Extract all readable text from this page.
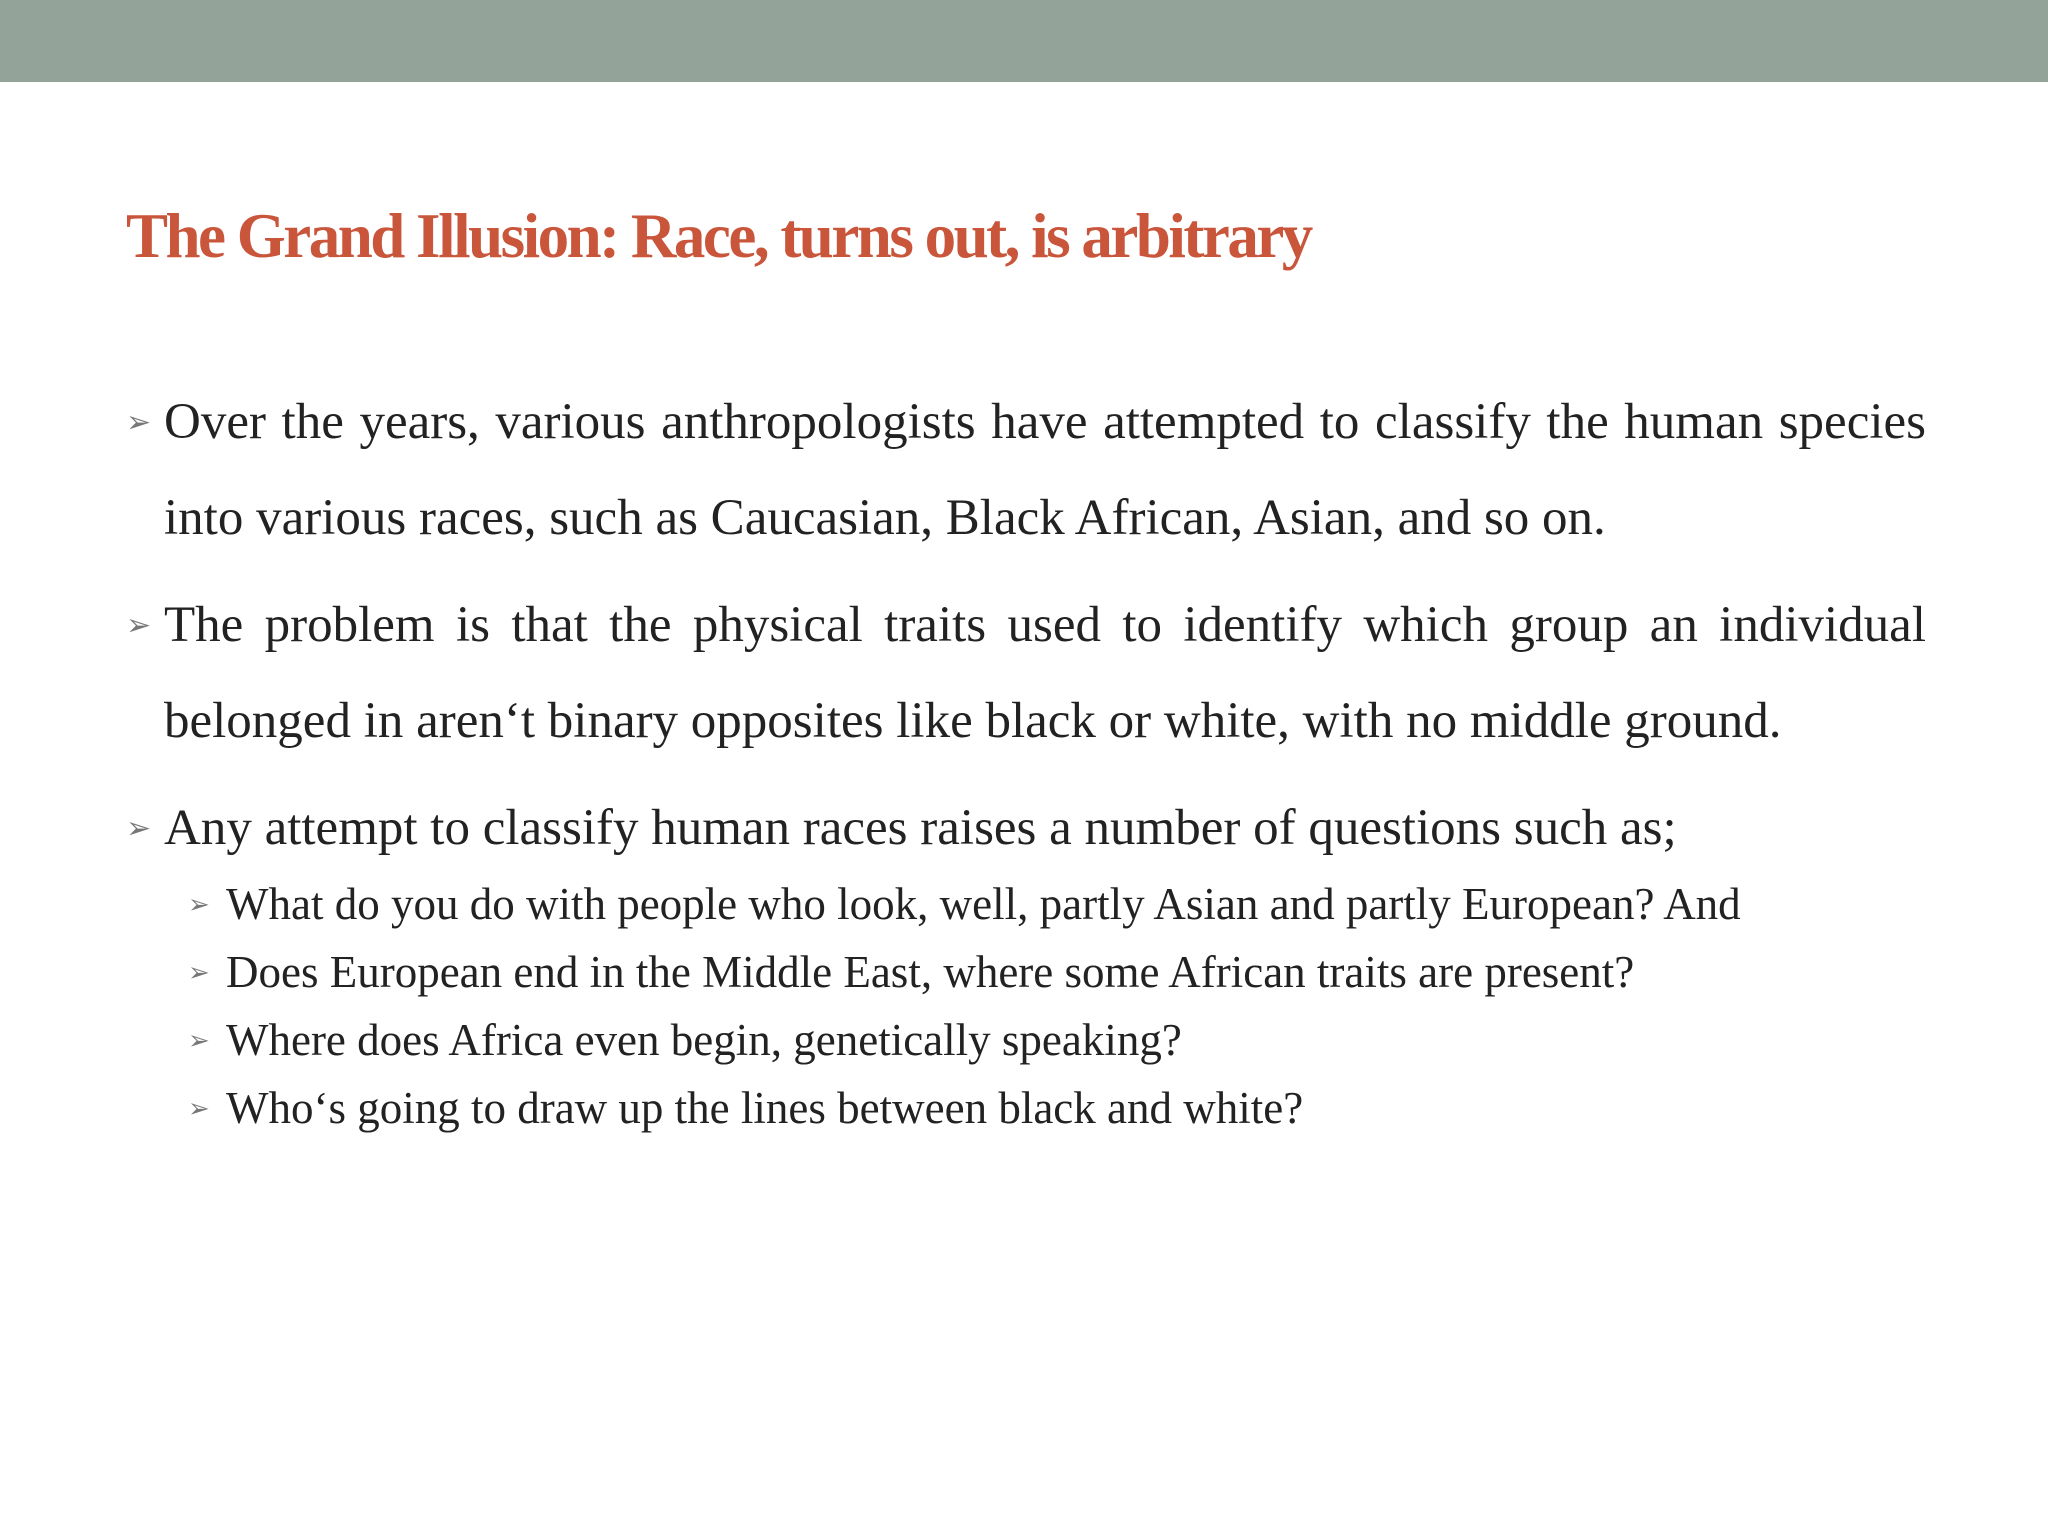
The Grand Illusion: Race, turns out, is arbitrary

➢ Over the years, various anthropologists have attempted to classify the human species into various races, such as Caucasian, Black African, Asian, and so on.

➢ The problem is that the physical traits used to identify which group an individual belonged in aren‘t binary opposites like black or white, with no middle ground.

➢ Any attempt to classify human races raises a number of questions such as;

➢ What do you do with people who look, well, partly Asian and partly European? And

➢ Does European end in the Middle East, where some African traits are present?

➢ Where does Africa even begin, genetically speaking?

➢ Who‘s going to draw up the lines between black and white?
